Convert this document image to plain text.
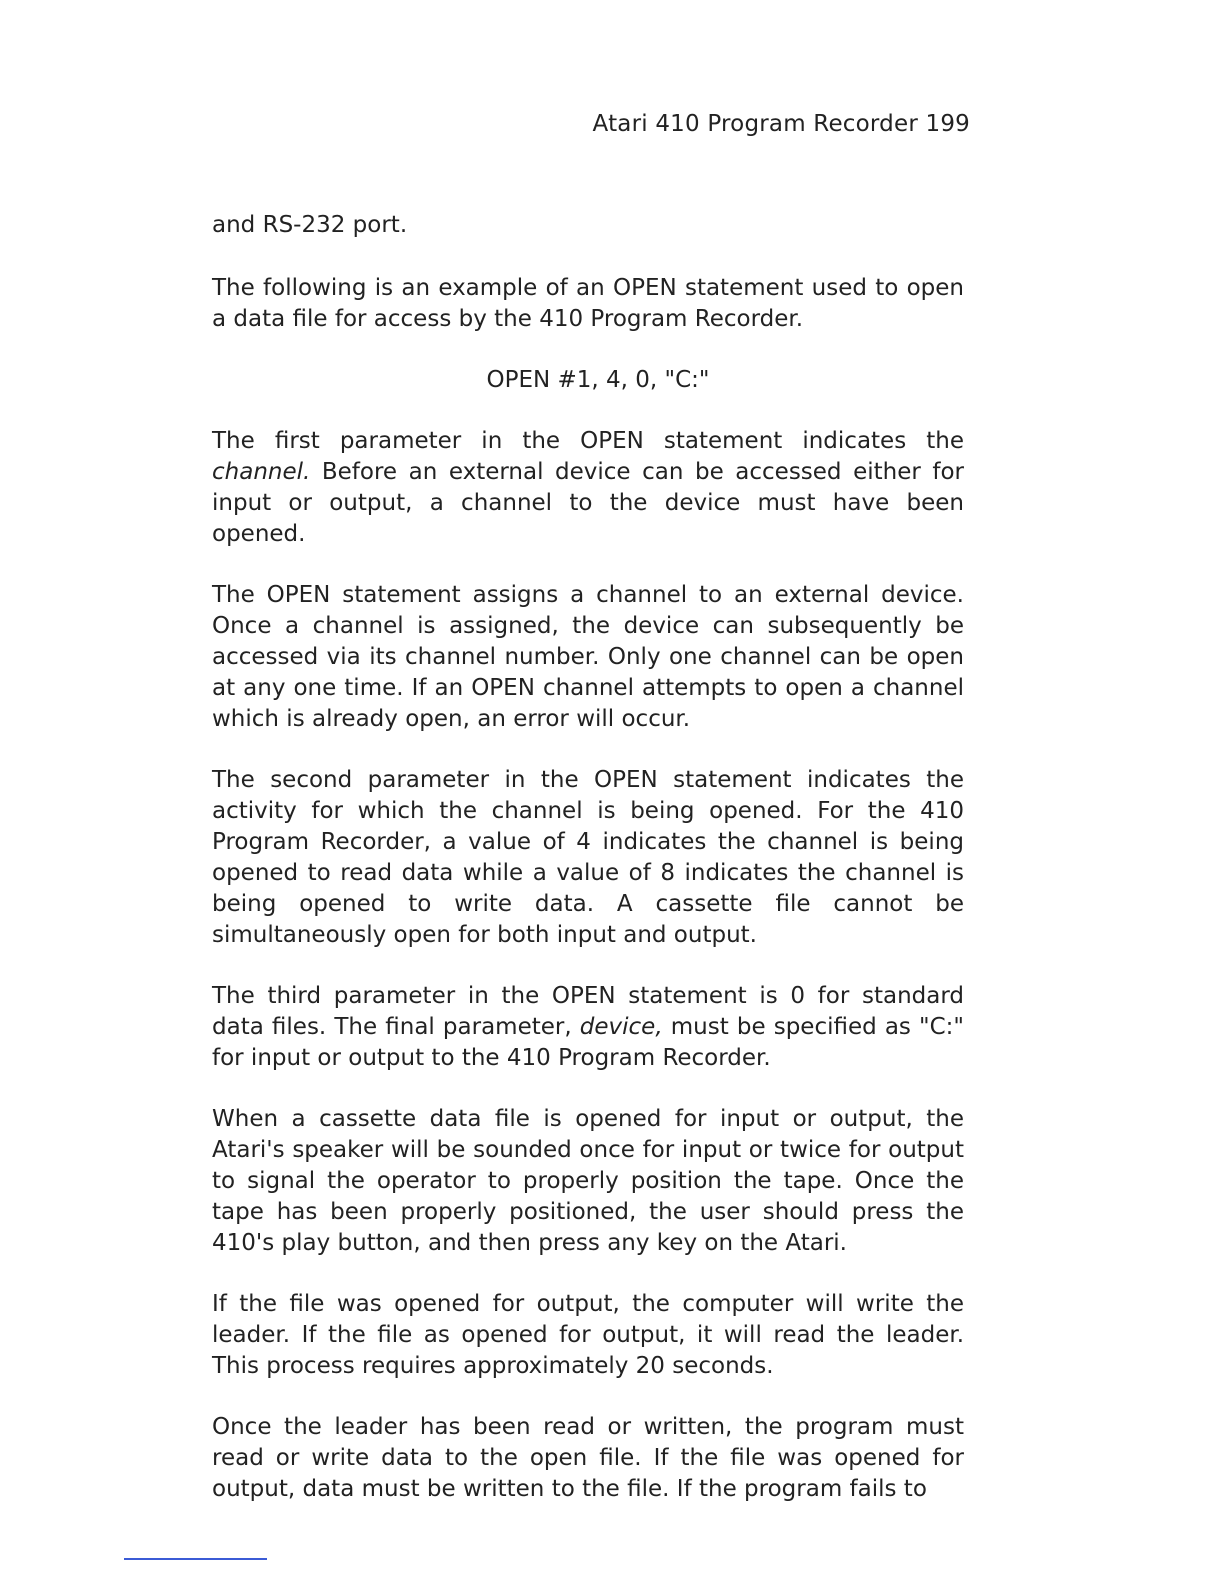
Atari 410 Program Recorder 199

and RS-232 port.

The following is an example of an OPEN statement used to open a data file for access by the 410 Program Recorder.

OPEN #1, 4, 0, "C:"

The first parameter in the OPEN statement indicates the channel. Before an external device can be accessed either for input or output, a channel to the device must have been opened.

The OPEN statement assigns a channel to an external device. Once a channel is assigned, the device can subsequently be accessed via its channel number. Only one channel can be open at any one time. If an OPEN channel attempts to open a channel which is already open, an error will occur.

The second parameter in the OPEN statement indicates the activity for which the channel is being opened. For the 410 Program Recorder, a value of 4 indicates the channel is being opened to read data while a value of 8 indicates the channel is being opened to write data. A cassette file cannot be simultaneously open for both input and output.

The third parameter in the OPEN statement is 0 for standard data files. The final parameter, device, must be specified as "C:" for input or output to the 410 Program Recorder.

When a cassette data file is opened for input or output, the Atari's speaker will be sounded once for input or twice for output to signal the operator to properly position the tape. Once the tape has been properly positioned, the user should press the 410's play button, and then press any key on the Atari.

If the file was opened for output, the computer will write the leader. If the file as opened for output, it will read the leader. This process requires approximately 20 seconds.

Once the leader has been read or written, the program must read or write data to the open file. If the file was opened for output, data must be written to the file. If the program fails to
